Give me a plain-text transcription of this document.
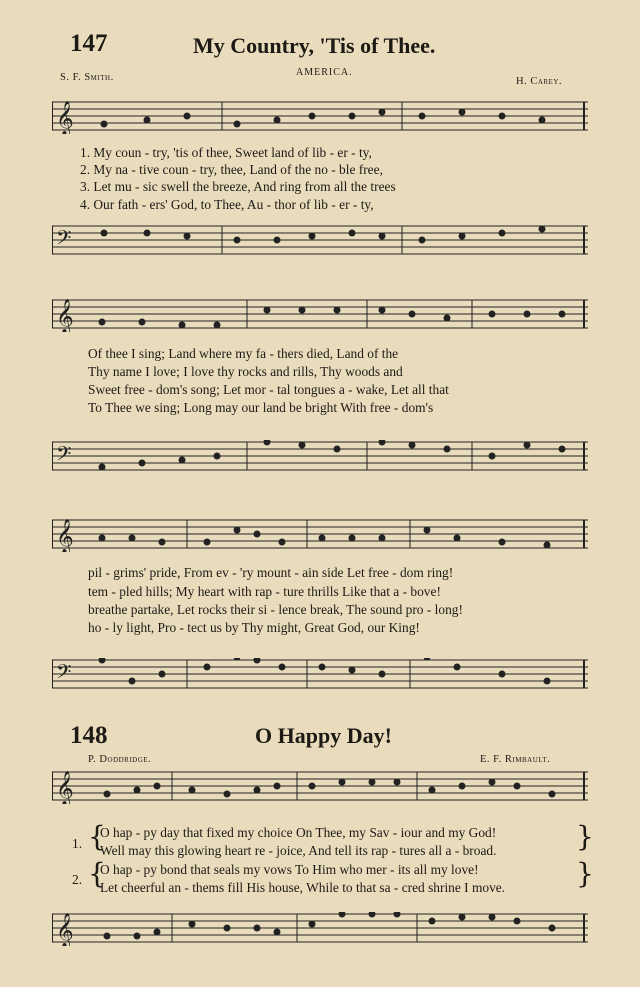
147	My Country, 'Tis of Thee.
S. F. Smith.	AMERICA.
H. Carey.
𝄞
1. My coun - try, 'tis of thee, Sweet land of lib - er - ty,
2. My na - tive coun - try, thee, Land of the no - ble free,
3. Let mu - sic swell the breeze, And ring from all the trees
4. Our fath - ers' God, to Thee, Au - thor of lib - er - ty,
𝄢
𝄞
Of thee I sing; Land where my fa - thers died, Land of the
Thy name I love; I love thy rocks and rills, Thy woods and
Sweet free - dom's song; Let mor - tal tongues a - wake, Let all that
To Thee we sing; Long may our land be bright With free - dom's
𝄢
𝄞
pil - grims' pride, From ev - 'ry mount - ain side Let free - dom ring!
tem - pled hills; My heart with rap - ture thrills Like that a - bove!
breathe partake, Let rocks their si - lence break, The sound pro - long!
ho - ly light, Pro - tect us by Thy might, Great God, our King!
𝄢
148	O Happy Day!
P. Doddridge.	E. F. Rimbault.
𝄞
1. {
O hap - py day that fixed my choice On Thee, my Sav - iour and my God!
Well may this glowing heart re - joice, And tell its rap - tures all a - broad.	}
2. {
O hap - py bond that seals my vows To Him who mer - its all my love!
Let cheerful an - thems fill His house, While to that sa - cred shrine I move.	}
𝄞
